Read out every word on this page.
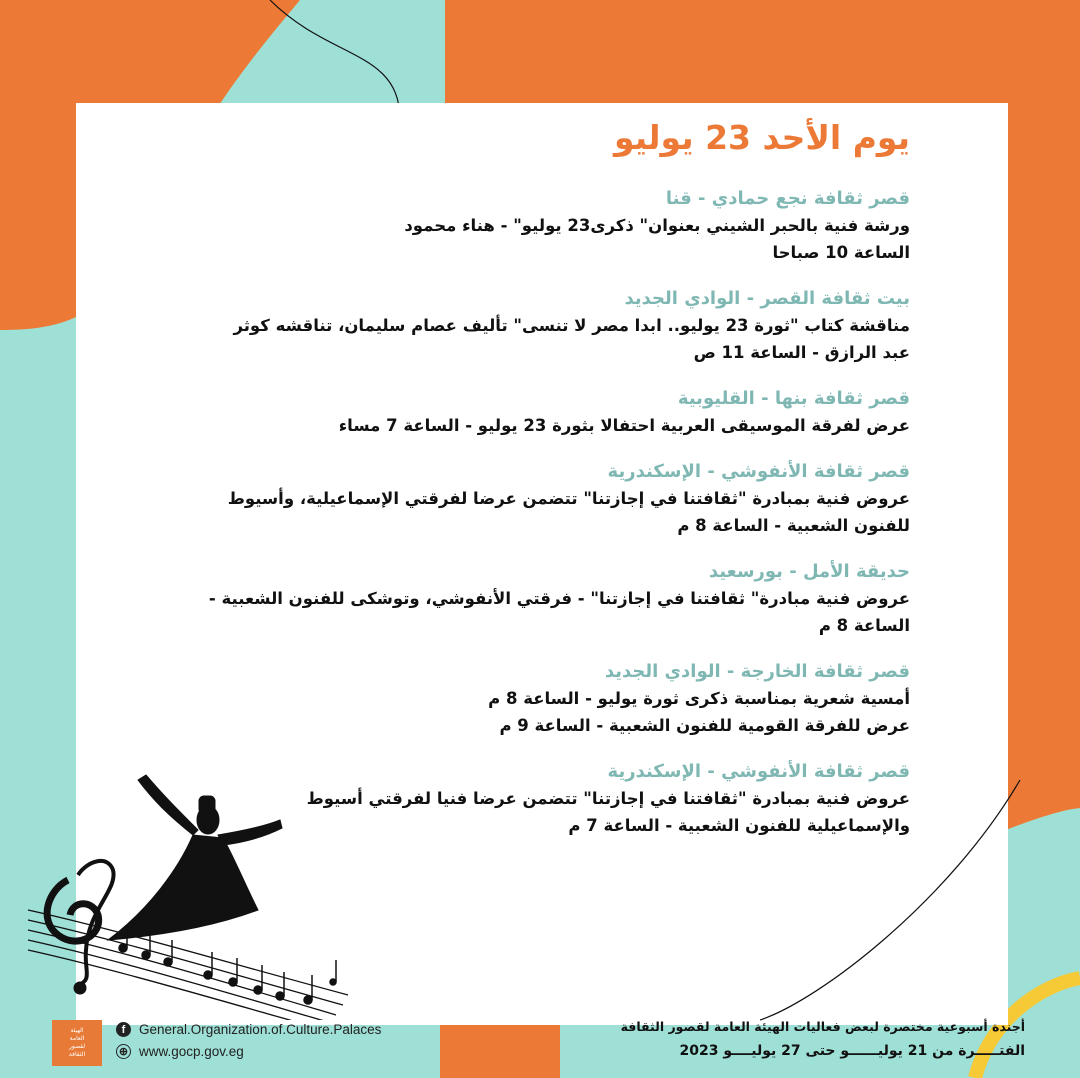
يوم الأحد 23 يوليو
قصر ثقافة نجع حمادي - قنا
ورشة فنية بالحبر الشيني بعنوان" ذكرى23 يوليو" - هناء محمود
الساعة 10 صباحا
بيت ثقافة القصر - الوادي الجديد
مناقشة كتاب "ثورة 23 يوليو.. ابدا مصر لا تنسى" تأليف عصام سليمان، تناقشه كوثر
عبد الرازق - الساعة 11 ص
قصر ثقافة بنها - القليوبية
عرض لفرقة الموسيقى العربية احتفالا بثورة 23 يوليو - الساعة 7 مساء
قصر ثقافة الأنفوشي - الإسكندرية
عروض فنية بمبادرة "ثقافتنا في إجازتنا" تتضمن عرضا لفرقتي الإسماعيلية، وأسيوط
للفنون الشعبية - الساعة 8 م
حديقة الأمل - بورسعيد
عروض فنية مبادرة" ثقافتنا في إجازتنا" - فرقتي الأنفوشي، وتوشكى للفنون الشعبية -
الساعة 8 م
قصر ثقافة الخارجة - الوادي الجديد
أمسية شعرية بمناسبة ذكرى ثورة يوليو - الساعة 8 م
عرض للفرقة القومية للفنون الشعبية - الساعة 9 م
قصر ثقافة الأنفوشي - الإسكندرية
عروض فنية بمبادرة "ثقافتنا في إجازتنا" تتضمن عرضا فنيا لفرقتي أسيوط
والإسماعيلية للفنون الشعبية - الساعة 7 م
الهيئة
العامة
لقصور
الثقافة
f	General.Organization.of.Culture.Palaces
⊕ www.gocp.gov.eg
أجندة أسبوعية مختصرة لبعض فعاليات الهيئة العامة لقصور الثقافة
الفتـــــرة من 21 يوليــــــو حتى 27 يوليــــو 2023
